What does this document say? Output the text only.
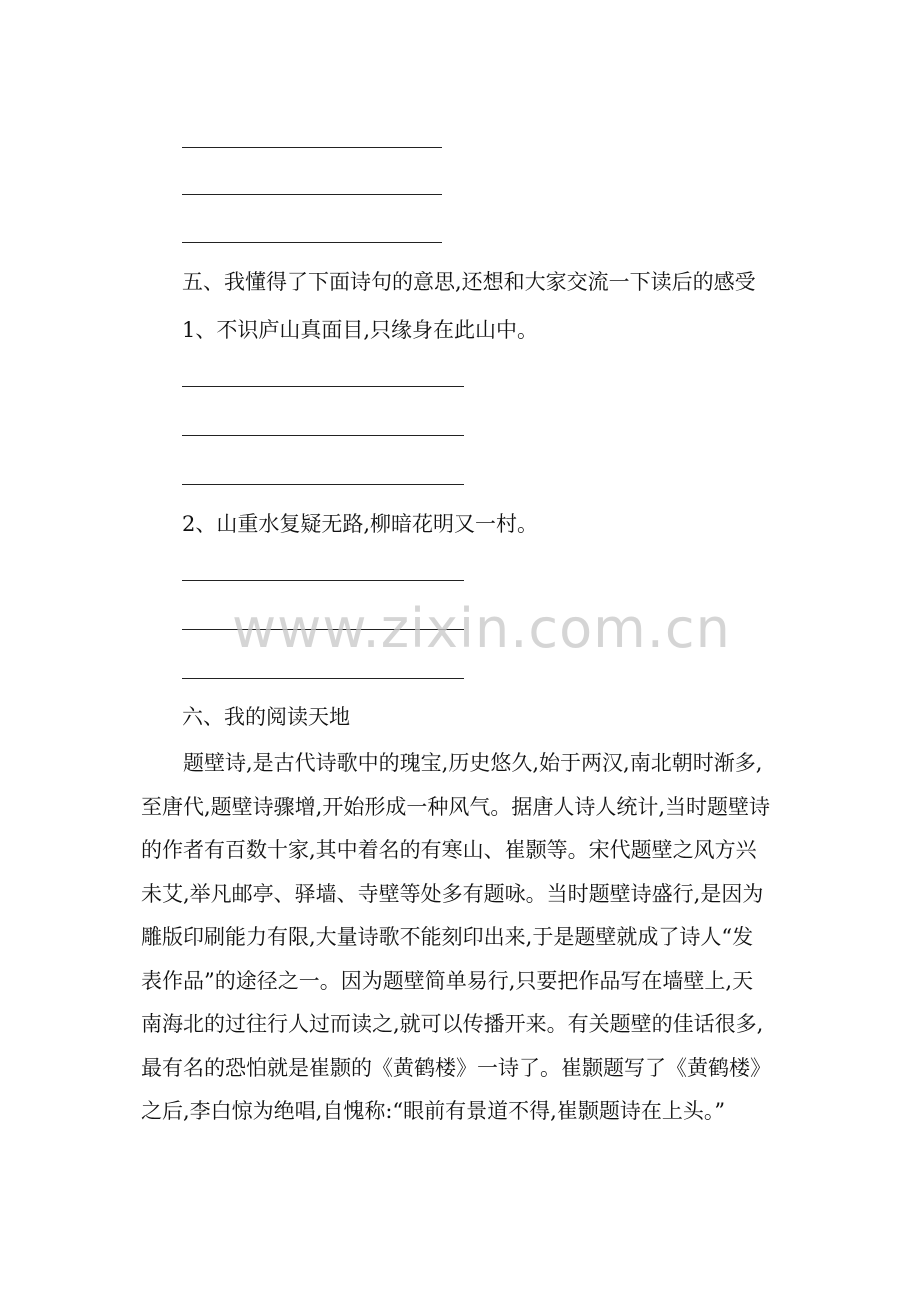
五、我懂得了下面诗句的意思,还想和大家交流一下读后的感受
1、不识庐山真面目,只缘身在此山中。
2、山重水复疑无路,柳暗花明又一村。
www.zixin.com.cn
六、我的阅读天地
题壁诗,是古代诗歌中的瑰宝,历史悠久,始于两汉,南北朝时渐多,
至唐代,题壁诗骤增,开始形成一种风气。据唐人诗人统计,当时题壁诗
的作者有百数十家,其中着名的有寒山、崔颢等。宋代题壁之风方兴
未艾,举凡邮亭、驿墙、寺壁等处多有题咏。当时题壁诗盛行,是因为
雕版印刷能力有限,大量诗歌不能刻印出来,于是题壁就成了诗人“发
表作品”的途径之一。因为题壁简单易行,只要把作品写在墙壁上,天
南海北的过往行人过而读之,就可以传播开来。有关题壁的佳话很多,
最有名的恐怕就是崔颢的《黄鹤楼》一诗了。崔颢题写了《黄鹤楼》
之后,李白惊为绝唱,自愧称:“眼前有景道不得,崔颢题诗在上头。”
